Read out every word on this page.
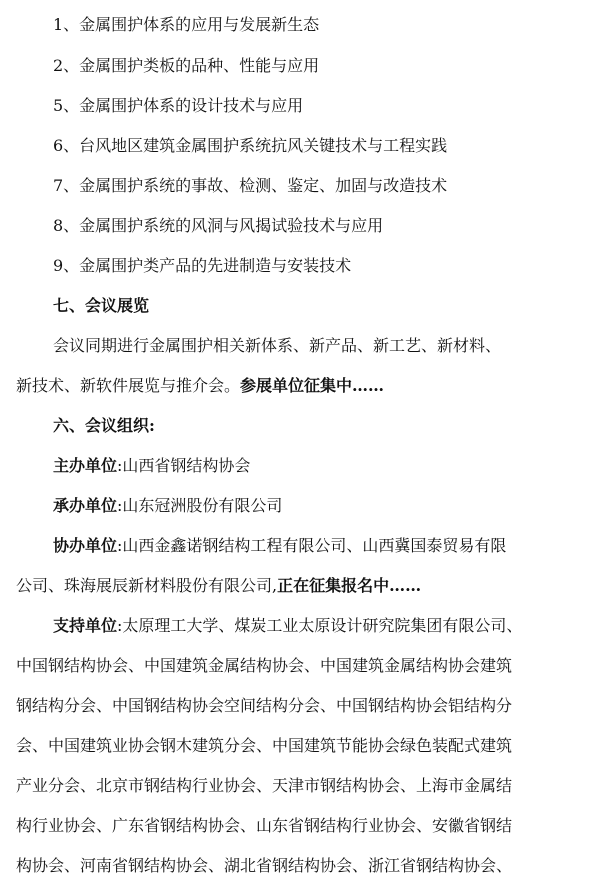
1、金属围护体系的应用与发展新生态
2、金属围护类板的品种、性能与应用
5、金属围护体系的设计技术与应用
6、台风地区建筑金属围护系统抗风关键技术与工程实践
7、金属围护系统的事故、检测、鉴定、加固与改造技术
8、金属围护系统的风洞与风揭试验技术与应用
9、金属围护类产品的先进制造与安装技术
七、会议展览
会议同期进行金属围护相关新体系、新产品、新工艺、新材料、
新技术、新软件展览与推介会。参展单位征集中……
六、会议组织:
主办单位:山西省钢结构协会
承办单位:山东冠洲股份有限公司
协办单位:山西金鑫诺钢结构工程有限公司、山西冀国泰贸易有限
公司、珠海展辰新材料股份有限公司,正在征集报名中……
支持单位:太原理工大学、煤炭工业太原设计研究院集团有限公司、
中国钢结构协会、中国建筑金属结构协会、中国建筑金属结构协会建筑
钢结构分会、中国钢结构协会空间结构分会、中国钢结构协会铝结构分
会、中国建筑业协会钢木建筑分会、中国建筑节能协会绿色装配式建筑
产业分会、北京市钢结构行业协会、天津市钢结构协会、上海市金属结
构行业协会、广东省钢结构协会、山东省钢结构行业协会、安徽省钢结
构协会、河南省钢结构协会、湖北省钢结构协会、浙江省钢结构协会、
